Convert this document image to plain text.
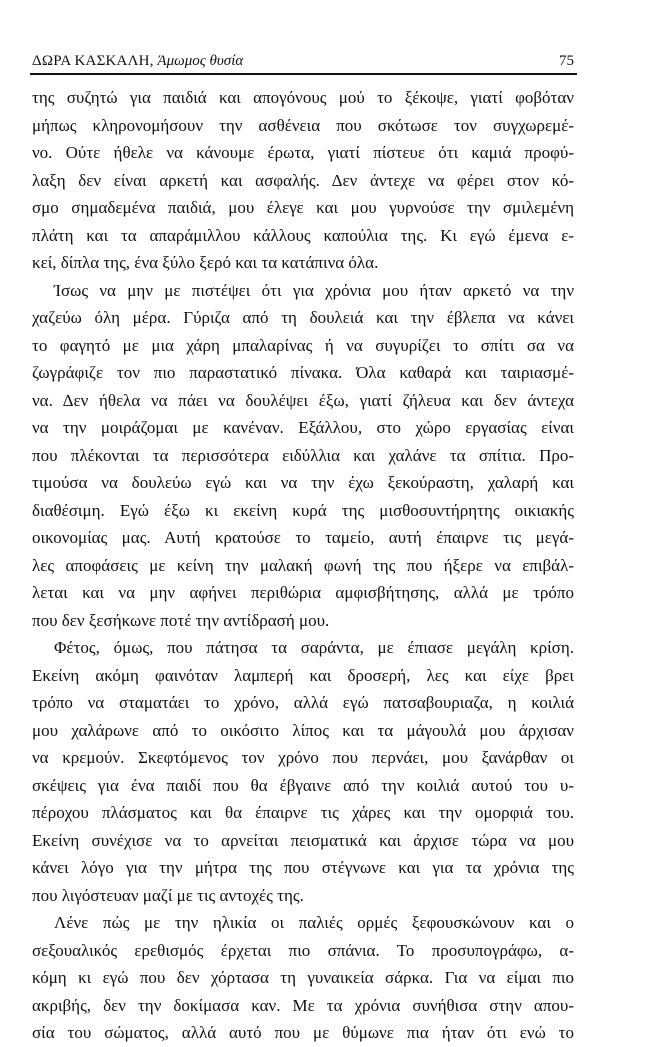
ΔΩΡΑ ΚΑΣΚΑΛΗ, Άμωμος θυσία	75
της συζητώ για παιδιά και απογόνους μού το ξέκοψε, γιατί φοβόταν
μήπως κληρονομήσουν την ασθένεια που σκότωσε τον συγχωρεμέ-
νο. Ούτε ήθελε να κάνουμε έρωτα, γιατί πίστευε ότι καμιά προφύ-
λαξη δεν είναι αρκετή και ασφαλής. Δεν άντεχε να φέρει στον κό-
σμο σημαδεμένα παιδιά, μου έλεγε και μου γυρνούσε την σμιλεμένη
πλάτη και τα απαράμιλλου κάλλους καπούλια της. Κι εγώ έμενα ε-
κεί, δίπλα της, ένα ξύλο ξερό και τα κατάπινα όλα.
Ίσως να μην με πιστέψει ότι για χρόνια μου ήταν αρκετό να την
χαζεύω όλη μέρα. Γύριζα από τη δουλειά και την έβλεπα να κάνει
το φαγητό με μια χάρη μπαλαρίνας ή να συγυρίζει το σπίτι σα να
ζωγράφιζε τον πιο παραστατικό πίνακα. Όλα καθαρά και ταιριασμέ-
να. Δεν ήθελα να πάει να δουλέψει έξω, γιατί ζήλευα και δεν άντεχα
να την μοιράζομαι με κανέναν. Εξάλλου, στο χώρο εργασίας είναι
που πλέκονται τα περισσότερα ειδύλλια και χαλάνε τα σπίτια. Προ-
τιμούσα να δουλεύω εγώ και να την έχω ξεκούραστη, χαλαρή και
διαθέσιμη. Εγώ έξω κι εκείνη κυρά της μισθοσυντήρητης οικιακής
οικονομίας μας. Αυτή κρατούσε το ταμείο, αυτή έπαιρνε τις μεγά-
λες αποφάσεις με κείνη την μαλακή φωνή της που ήξερε να επιβάλ-
λεται και να μην αφήνει περιθώρια αμφισβήτησης, αλλά με τρόπο
που δεν ξεσήκωνε ποτέ την αντίδρασή μου.
Φέτος, όμως, που πάτησα τα σαράντα, με έπιασε μεγάλη κρίση.
Εκείνη ακόμη φαινόταν λαμπερή και δροσερή, λες και είχε βρει
τρόπο να σταματάει το χρόνο, αλλά εγώ πατσαβουριαζα, η κοιλιά
μου χαλάρωνε από το οικόσιτο λίπος και τα μάγουλά μου άρχισαν
να κρεμούν. Σκεφτόμενος τον χρόνο που περνάει, μου ξανάρθαν οι
σκέψεις για ένα παιδί που θα έβγαινε από την κοιλιά αυτού του υ-
πέροχου πλάσματος και θα έπαιρνε τις χάρες και την ομορφιά του.
Εκείνη συνέχισε να το αρνείται πεισματικά και άρχισε τώρα να μου
κάνει λόγο για την μήτρα της που στέγνωνε και για τα χρόνια της
που λιγόστευαν μαζί με τις αντοχές της.
Λένε πώς με την ηλικία οι παλιές ορμές ξεφουσκώνουν και ο
σεξουαλικός ερεθισμός έρχεται πιο σπάνια. Το προσυπογράφω, α-
κόμη κι εγώ που δεν χόρτασα τη γυναικεία σάρκα. Για να είμαι πιο
ακριβής, δεν την δοκίμασα καν. Με τα χρόνια συνήθισα στην απου-
σία του σώματος, αλλά αυτό που με θύμωνε πια ήταν ότι ενώ το
